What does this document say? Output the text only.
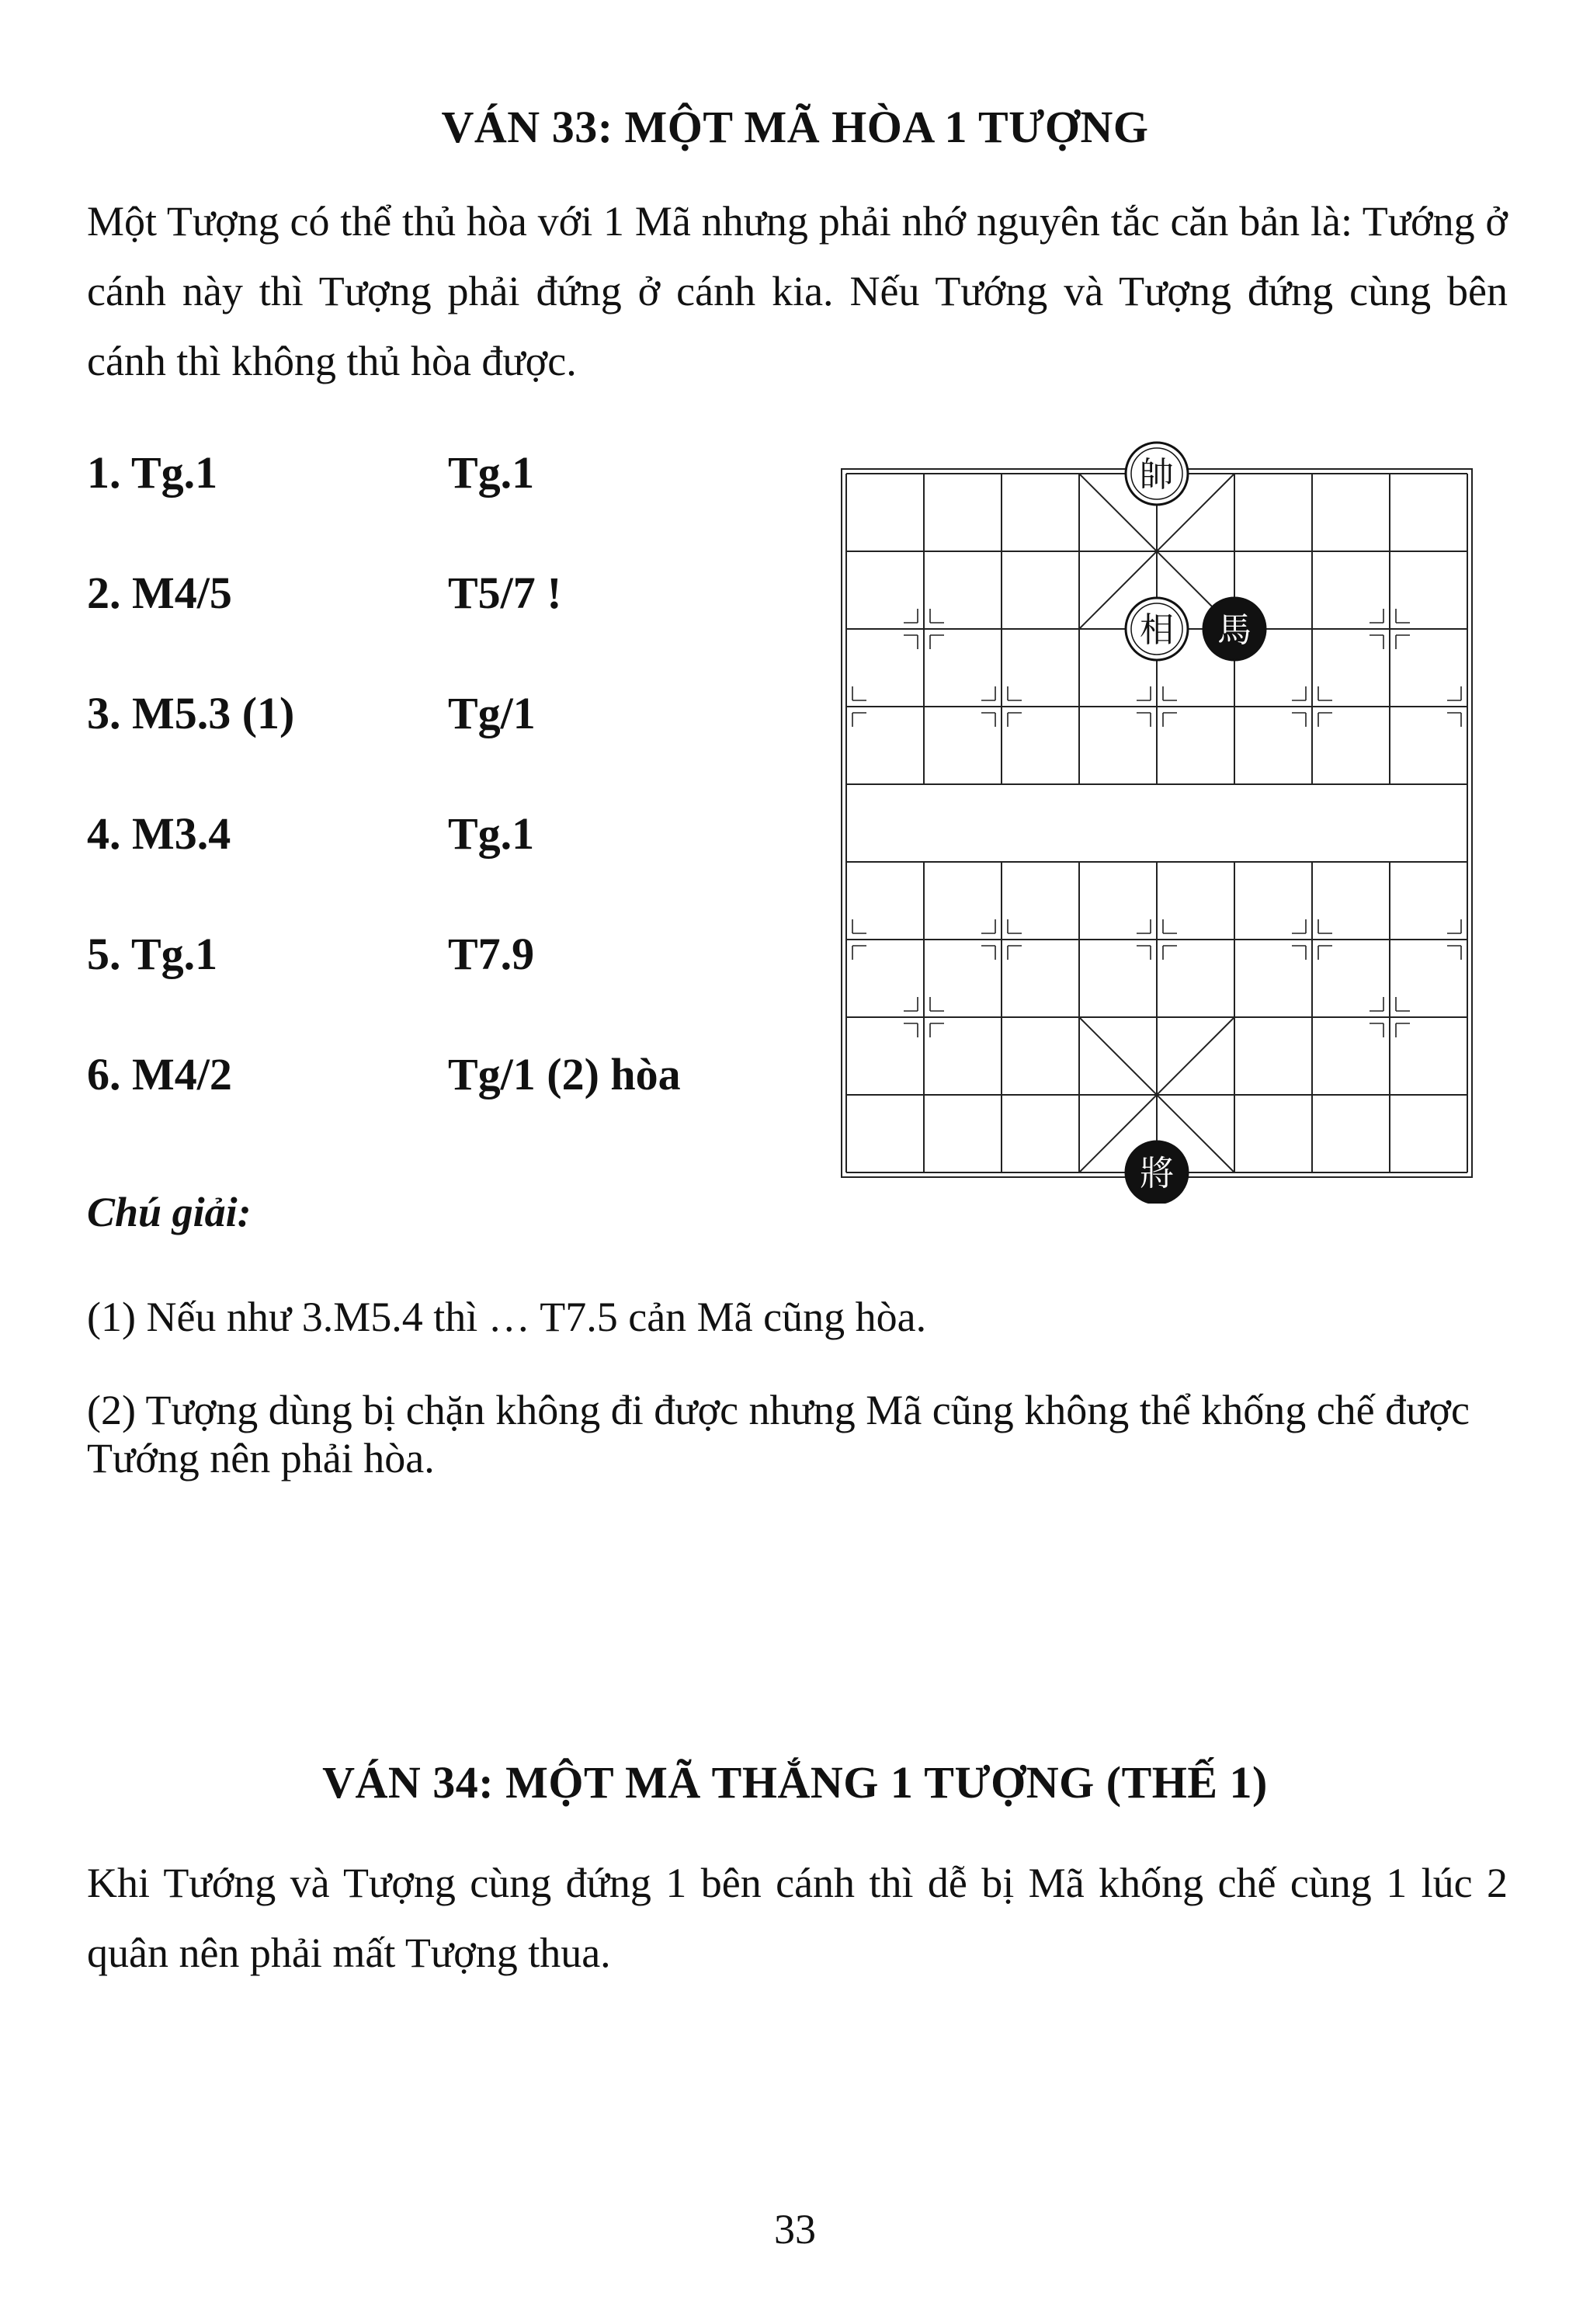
VÁN 33: MỘT MÃ HÒA 1 TƯỢNG

Một Tượng có thể thủ hòa với 1 Mã nhưng phải nhớ nguyên tắc căn bản là: Tướng ở cánh này thì Tượng phải đứng ở cánh kia. Nếu Tướng và Tượng đứng cùng bên cánh thì không thủ hòa được.

1. Tg.1	Tg.1
2. M4/5	T5/7 !
3. M5.3 (1)	Tg/1
4. M3.4	Tg.1
5. Tg.1	T7.9
6. M4/2	Tg/1 (2) hòa
帥
相 馬
將
Chú giải:
(1) Nếu như 3.M5.4 thì … T7.5 cản Mã cũng hòa.
(2) Tượng dùng bị chặn không đi được nhưng Mã cũng không thể khống chế được Tướng nên phải hòa.
VÁN 34: MỘT MÃ THẮNG 1 TƯỢNG (THẾ 1)

Khi Tướng và Tượng cùng đứng 1 bên cánh thì dễ bị Mã khống chế cùng 1 lúc 2 quân nên phải mất Tượng thua.

33
